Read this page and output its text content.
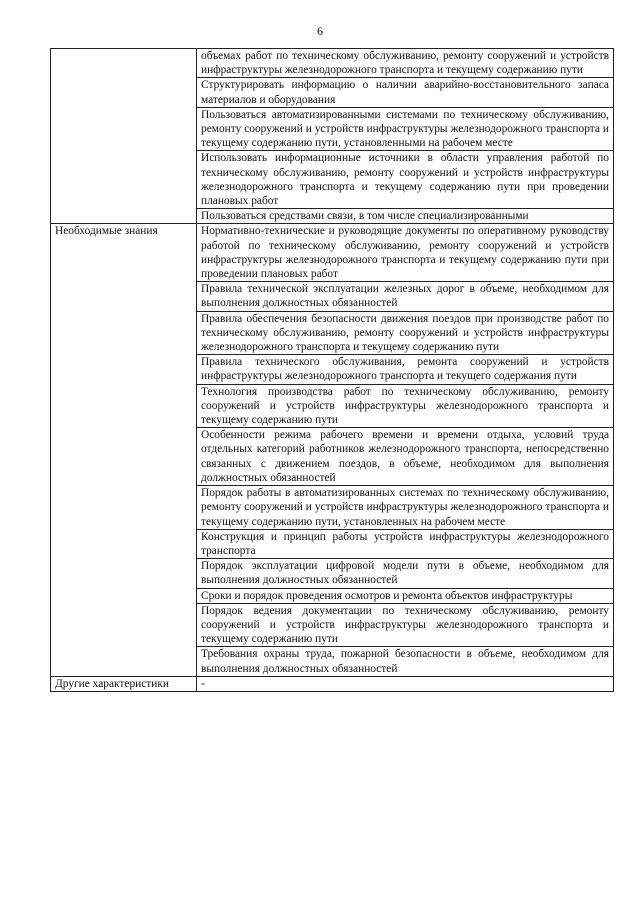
6
	объемах работ по техническому обслуживанию, ремонту сооружений и устройств инфраструктуры железнодорожного транспорта и текущему содержанию пути
	Структурировать информацию о наличии аварийно-восстановительного запаса материалов и оборудования
	Пользоваться автоматизированными системами по техническому обслуживанию, ремонту сооружений и устройств инфраструктуры железнодорожного транспорта и текущему содержанию пути, установленными на рабочем месте
	Использовать информационные источники в области управления работой по техническому обслуживанию, ремонту сооружений и устройств инфраструктуры железнодорожного транспорта и текущему содержанию пути при проведении плановых работ
	Пользоваться средствами связи, в том числе специализированными
Необходимые знания	Нормативно-технические и руководящие документы по оперативному руководству работой по техническому обслуживанию, ремонту сооружений и устройств инфраструктуры железнодорожного транспорта и текущему содержанию пути при проведении плановых работ
	Правила технической эксплуатации железных дорог в объеме, необходимом для выполнения должностных обязанностей
	Правила обеспечения безопасности движения поездов при производстве работ по техническому обслуживанию, ремонту сооружений и устройств инфраструктуры железнодорожного транспорта и текущему содержанию пути
	Правила технического обслуживания, ремонта сооружений и устройств инфраструктуры железнодорожного транспорта и текущего содержания пути
	Технология производства работ по техническому обслуживанию, ремонту сооружений и устройств инфраструктуры железнодорожного транспорта и текущему содержанию пути
	Особенности режима рабочего времени и времени отдыха, условий труда отдельных категорий работников железнодорожного транспорта, непосредственно связанных с движением поездов, в объеме, необходимом для выполнения должностных обязанностей
	Порядок работы в автоматизированных системах по техническому обслуживанию, ремонту сооружений и устройств инфраструктуры железнодорожного транспорта и текущему содержанию пути, установленных на рабочем месте
	Конструкция и принцип работы устройств инфраструктуры железнодорожного транспорта
	Порядок эксплуатации цифровой модели пути в объеме, необходимом для выполнения должностных обязанностей
	Сроки и порядок проведения осмотров и ремонта объектов инфраструктуры
	Порядок ведения документации по техническому обслуживанию, ремонту сооружений и устройств инфраструктуры железнодорожного транспорта и текущему содержанию пути
	Требования охраны труда, пожарной безопасности в объеме, необходимом для выполнения должностных обязанностей
Другие характеристики	-
